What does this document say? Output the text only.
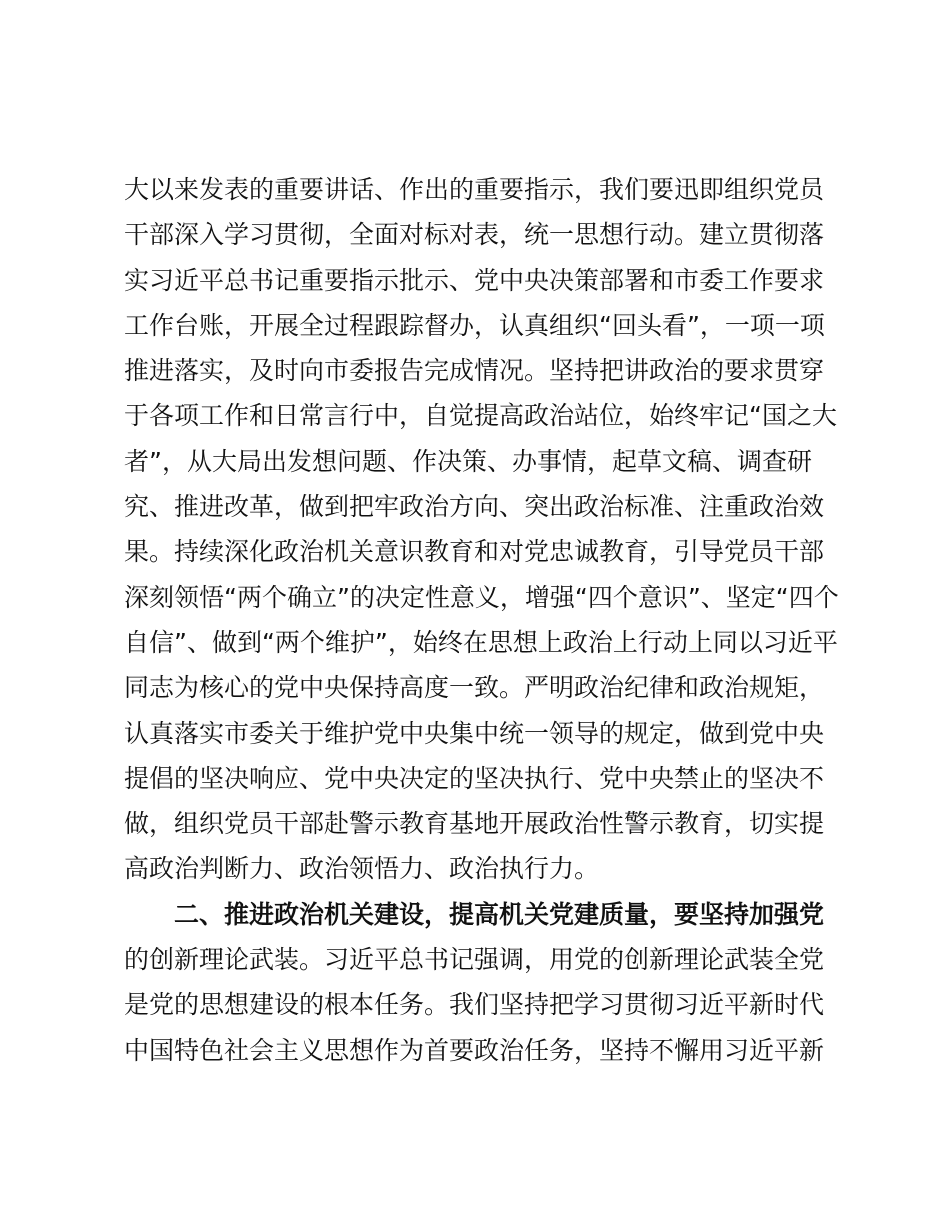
大以来发表的重要讲话、作出的重要指示，我们要迅即组织党员
干部深入学习贯彻，全面对标对表，统一思想行动。建立贯彻落
实习近平总书记重要指示批示、党中央决策部署和市委工作要求
工作台账，开展全过程跟踪督办，认真组织“回头看”，一项一项
推进落实，及时向市委报告完成情况。坚持把讲政治的要求贯穿
于各项工作和日常言行中，自觉提高政治站位，始终牢记“国之大
者”，从大局出发想问题、作决策、办事情，起草文稿、调查研
究、推进改革，做到把牢政治方向、突出政治标准、注重政治效
果。持续深化政治机关意识教育和对党忠诚教育，引导党员干部
深刻领悟“两个确立”的决定性意义，增强“四个意识”、坚定“四个
自信”、做到“两个维护”，始终在思想上政治上行动上同以习近平
同志为核心的党中央保持高度一致。严明政治纪律和政治规矩，
认真落实市委关于维护党中央集中统一领导的规定，做到党中央
提倡的坚决响应、党中央决定的坚决执行、党中央禁止的坚决不
做，组织党员干部赴警示教育基地开展政治性警示教育，切实提
高政治判断力、政治领悟力、政治执行力。
二、推进政治机关建设，提高机关党建质量，要坚持加强党
的创新理论武装。习近平总书记强调，用党的创新理论武装全党
是党的思想建设的根本任务。我们坚持把学习贯彻习近平新时代
中国特色社会主义思想作为首要政治任务，坚持不懈用习近平新
